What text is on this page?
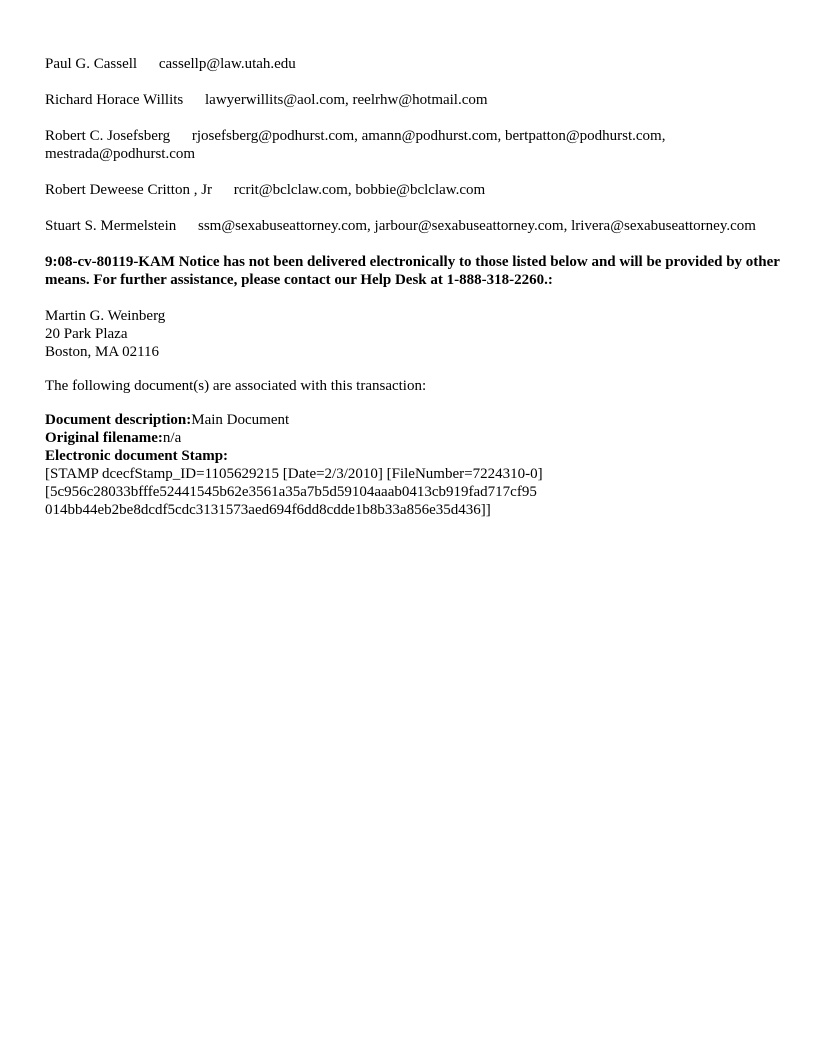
Paul G. Cassell cassellp@law.utah.edu
Richard Horace Willits lawyerwillits@aol.com, reelrhw@hotmail.com
Robert C. Josefsberg rjosefsberg@podhurst.com, amann@podhurst.com, bertpatton@podhurst.com, mestrada@podhurst.com
Robert Deweese Critton , Jr rcrit@bclclaw.com, bobbie@bclclaw.com
Stuart S. Mermelstein ssm@sexabuseattorney.com, jarbour@sexabuseattorney.com, lrivera@sexabuseattorney.com
9:08-cv-80119-KAM Notice has not been delivered electronically to those listed below and will be provided by other means. For further assistance, please contact our Help Desk at 1-888-318-2260.:
Martin G. Weinberg
20 Park Plaza
Boston, MA 02116
The following document(s) are associated with this transaction:
Document description:Main Document
Original filename:n/a
Electronic document Stamp:
[STAMP dcecfStamp_ID=1105629215 [Date=2/3/2010] [FileNumber=7224310-0]
[5c956c28033bfffe52441545b62e3561a35a7b5d59104aaab0413cb919fad717cf95
014bb44eb2be8dcdf5cdc3131573aed694f6dd8cdde1b8b33a856e35d436]]
